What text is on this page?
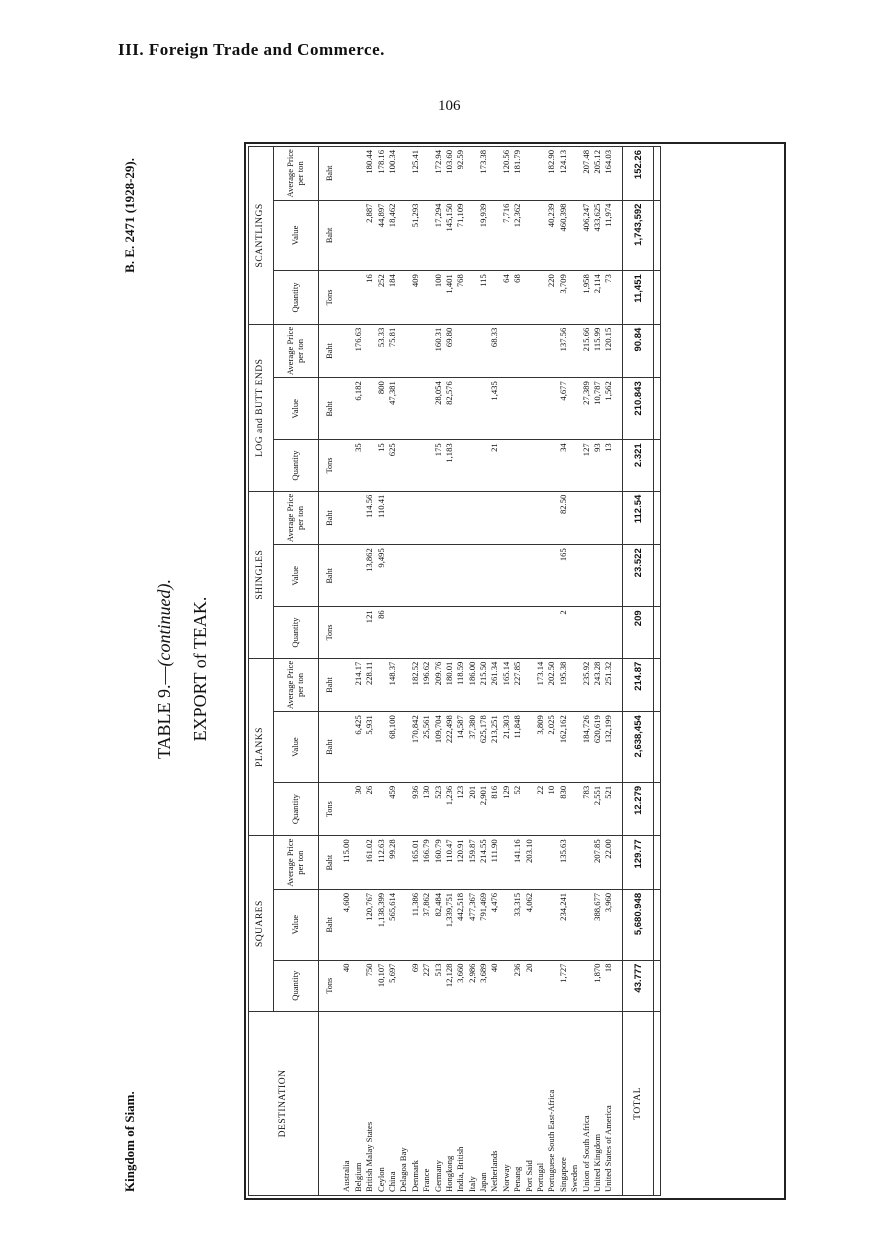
III. Foreign Trade and Commerce.
106
Kingdom of Siam.
B. E. 2471 (1928-29).
TABLE 9.—(continued). EXPORT of TEAK.
DESTINATION	SQUARES			PLANKS			SHINGLES			LOG and BUTT ENDS			SCANTLINGS		
	Quantity	Value	Average Price per ton	Quantity	Value	Average Price per ton	Quantity	Value	Average Price per ton	Quantity	Value	Average Price per ton	Quantity	Value	Average Price per ton
	Tons	Baht	Baht	Tons	Baht	Baht	Tons	Baht	Baht	Tons	Baht	Baht	Tons	Baht	Baht
Australia	40	4,600	115.00												
Belgium				30	6,425	214.17				35	6,182	176.63			
British Malay States	750	120,767	161.02	26	5,931	228.11	121	13,862	114.56				16	2,887	180.44
Ceylon	10,107	1,138,399	112.63				86	9,495	110.41	15	800	53.33	252	44,897	178.16
China	5,697	565,614	99.28	459	68,100	148.37				625	47,381	75.81	184	18,462	100.34
Delagoa Bay															
Denmark	69	11,386	165.01	936	170,842	182.52							409	51,293	125.41
France	227	37,862	166.79	130	25,561	196.62									
Germany	513	82,484	160.79	523	109,704	209.76				175	28,054	160.31	100	17,294	172.94
Hongkong	12,128	1,339,751	110.47	1,236	222,498	180.01				1,183	82,576	69.80	1,401	145,150	103.60
India, British	3,660	442,518	120.91	123	14,587	118.59							768	71,109	92.59
Italy	2,986	477,367	159.87	201	37,380	186.00									
Japan	3,689	791,469	214.55	2,901	625,178	215.50							115	19,939	173.38
Netherlands	40	4,476	111.90	816	213,251	261.34				21	1,435	68.33			
Norway				129	21,303	165.14							64	7,716	120.56
Penang	236	33,315	141.16	52	11,848	227.85							68	12,362	181.79
Port Said	20	4,062	203.10												
Portugal				22	3,809	173.14									
Portuguese South East-Africa				10	2,025	202.50							220	40,239	182.90
Singapore	1,727	234,241	135.63	830	162,162	195.38	2	165	82.50	34	4,677	137.56	3,709	460,398	124.13
Sweden															
Union of South Africa				783	184,726	235.92				127	27,389	215.66	1,958	406,247	207.48
United Kingdom	1,870	388,677	207.85	2,551	620,619	243.28				93	10,787	115.99	2,114	433,625	205.12
United States of America	18	3,960	22.00	521	132,199	251.32				13	1,562	120.15	73	11,974	164.03

TOTAL	43.777	5,680.948	129.77	12.279	2,638,454	214.87	209	23.522	112.54	2.321	210.843	90.84	11,451	1,743,592	152.26
